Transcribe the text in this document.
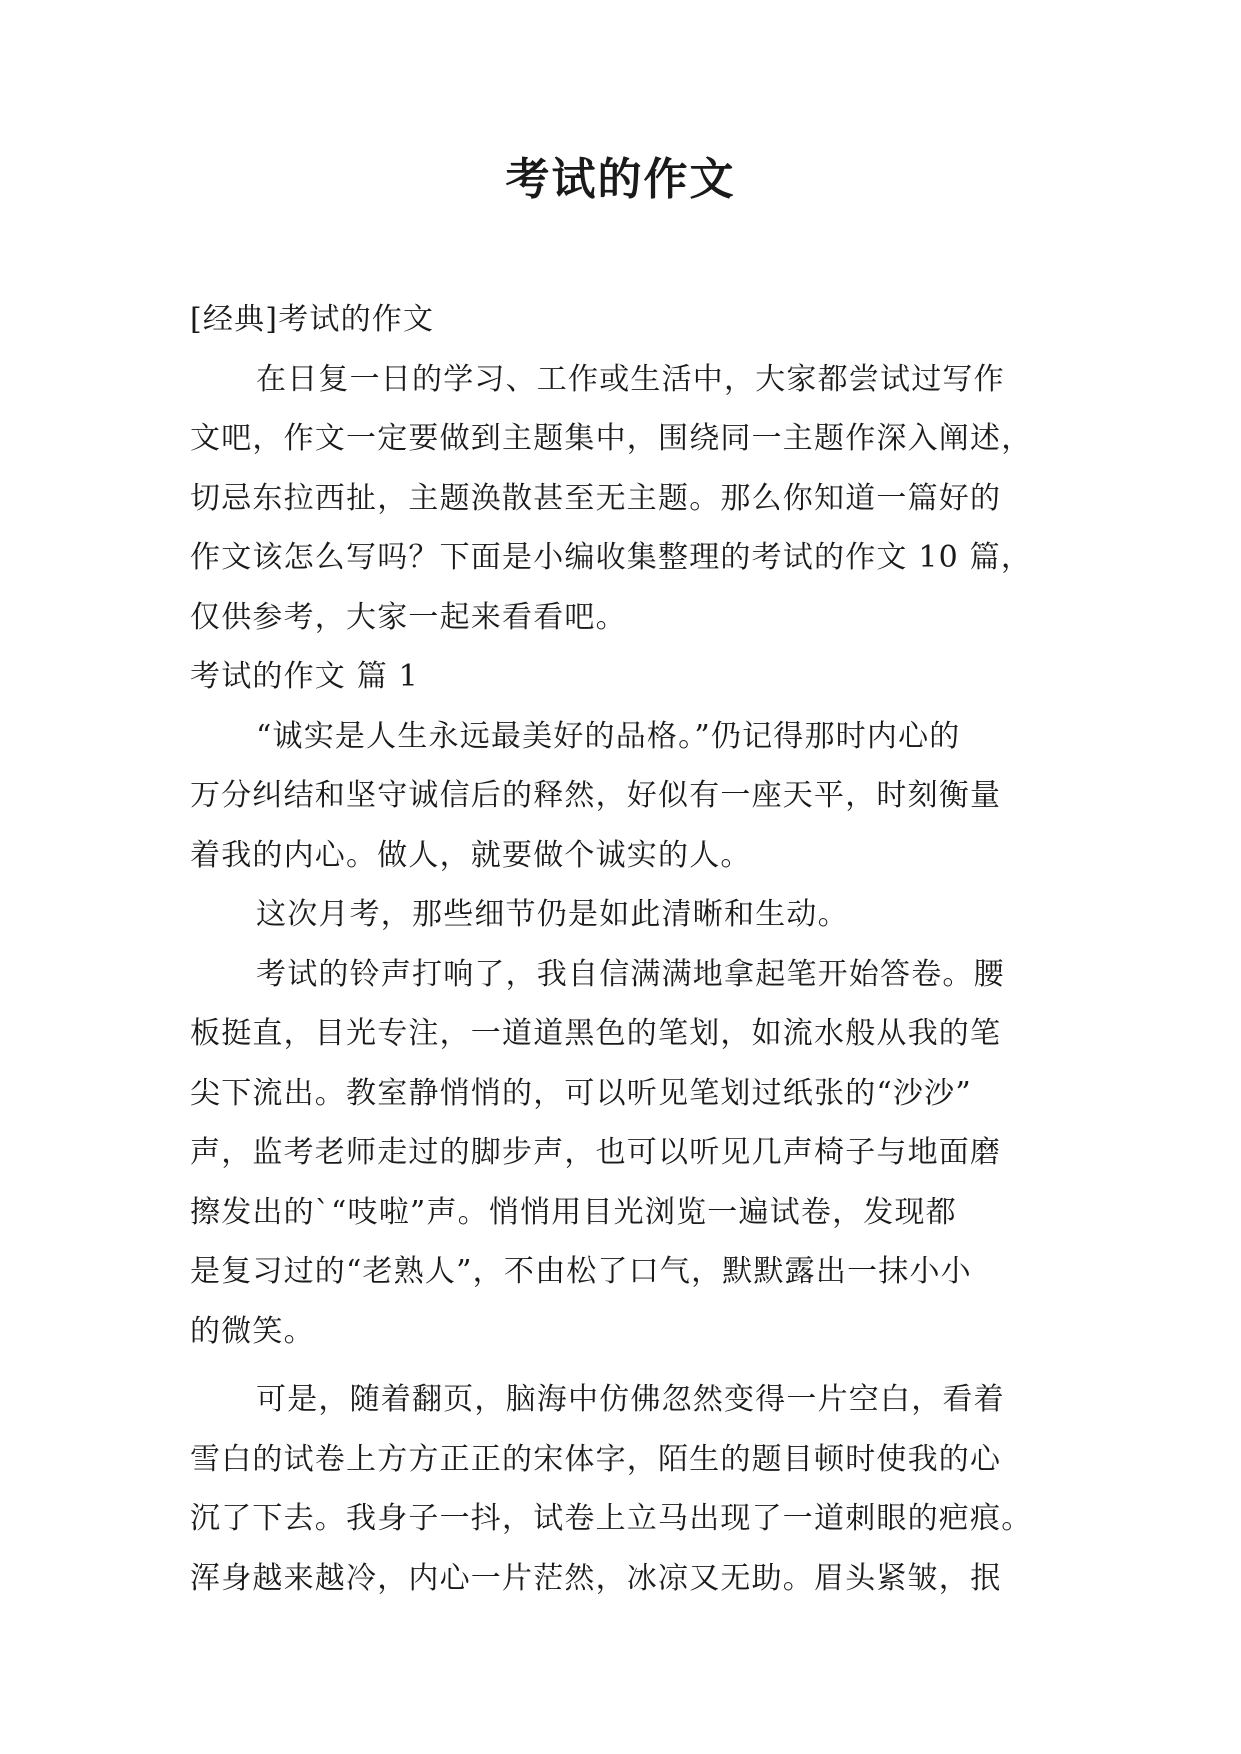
考试的作文
[经典]考试的作文
在日复一日的学习、工作或生活中，大家都尝试过写作
文吧，作文一定要做到主题集中，围绕同一主题作深入阐述，
切忌东拉西扯，主题涣散甚至无主题。那么你知道一篇好的
作文该怎么写吗？下面是小编收集整理的考试的作文 10 篇，
仅供参考，大家一起来看看吧。
考试的作文 篇 1
“诚实是人生永远最美好的品格。”仍记得那时内心的
万分纠结和坚守诚信后的释然，好似有一座天平，时刻衡量
着我的内心。做人，就要做个诚实的人。
这次月考，那些细节仍是如此清晰和生动。
考试的铃声打响了，我自信满满地拿起笔开始答卷。腰
板挺直，目光专注，一道道黑色的笔划，如流水般从我的笔
尖下流出。教室静悄悄的，可以听见笔划过纸张的“沙沙”
声，监考老师走过的脚步声，也可以听见几声椅子与地面磨
擦发出的`“吱啦”声。悄悄用目光浏览一遍试卷，发现都
是复习过的“老熟人”，不由松了口气，默默露出一抹小小
的微笑。
可是，随着翻页，脑海中仿佛忽然变得一片空白，看着
雪白的试卷上方方正正的宋体字，陌生的题目顿时使我的心
沉了下去。我身子一抖，试卷上立马出现了一道刺眼的疤痕。
浑身越来越冷，内心一片茫然，冰凉又无助。眉头紧皱，抿
